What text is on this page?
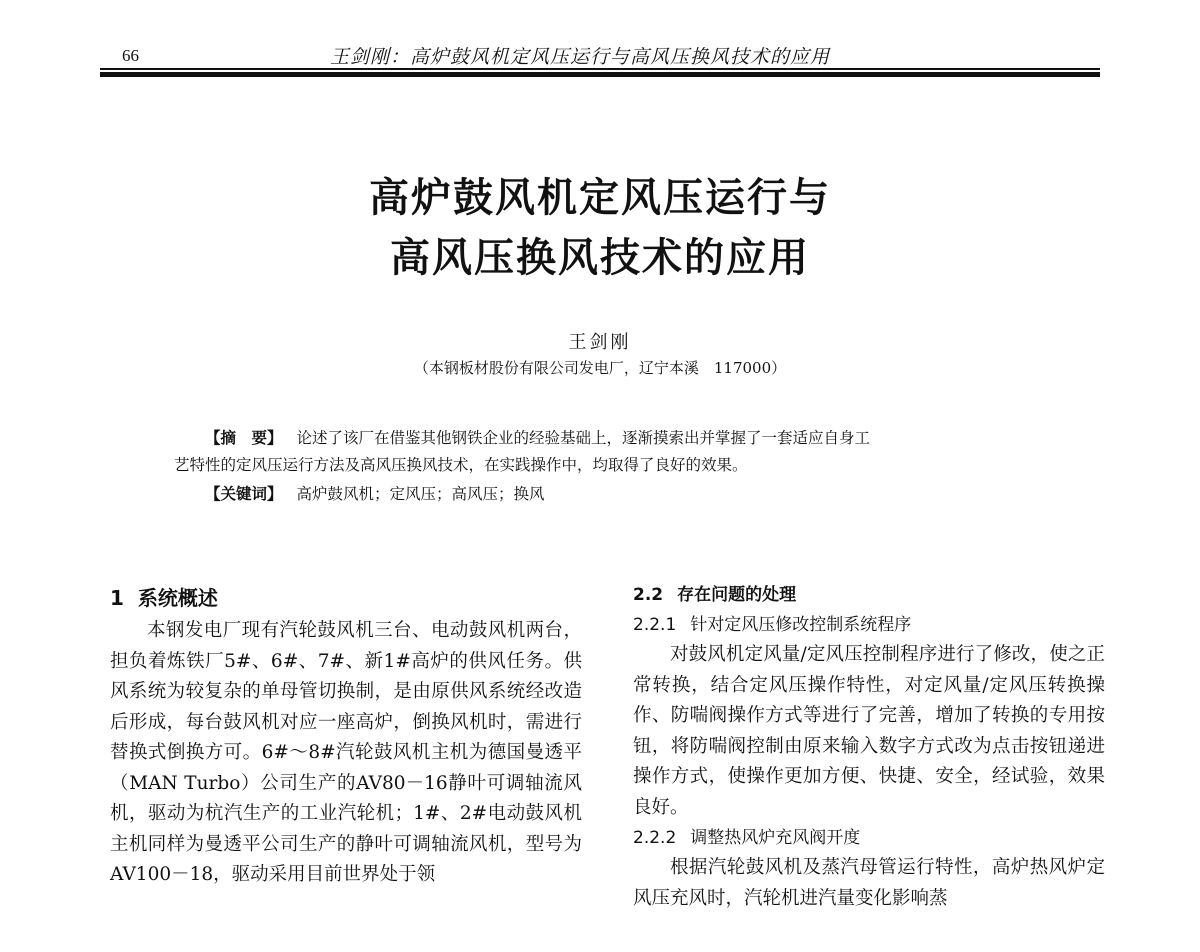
66	王剑刚：高炉鼓风机定风压运行与高风压换风技术的应用
高炉鼓风机定风压运行与
高风压换风技术的应用
王剑刚
（本钢板材股份有限公司发电厂，辽宁本溪　117000）
【摘　要】 论述了该厂在借鉴其他钢铁企业的经验基础上，逐渐摸索出并掌握了一套适应自身工
艺特性的定风压运行方法及高风压换风技术，在实践操作中，均取得了良好的效果。
【关键词】 高炉鼓风机；定风压；高风压；换风
1 系统概述

本钢发电厂现有汽轮鼓风机三台、电动鼓风机两台，担负着炼铁厂5#、6#、7#、新1#高炉的供风任务。供风系统为较复杂的单母管切换制，是由原供风系统经改造后形成，每台鼓风机对应一座高炉，倒换风机时，需进行替换式倒换方可。6#～8#汽轮鼓风机主机为德国曼透平（MAN Turbo）公司生产的AV80－16静叶可调轴流风机，驱动为杭汽生产的工业汽轮机；1#、2#电动鼓风机主机同样为曼透平公司生产的静叶可调轴流风机，型号为AV100－18，驱动采用目前世界处于领

2.2 存在问题的处理
2.2.1 针对定风压修改控制系统程序

对鼓风机定风量/定风压控制程序进行了修改，使之正常转换，结合定风压操作特性，对定风量/定风压转换操作、防喘阀操作方式等进行了完善，增加了转换的专用按钮，将防喘阀控制由原来输入数字方式改为点击按钮递进操作方式，使操作更加方便、快捷、安全，经试验，效果良好。

2.2.2 调整热风炉充风阀开度

根据汽轮鼓风机及蒸汽母管运行特性，高炉热风炉定风压充风时，汽轮机进汽量变化影响蒸
